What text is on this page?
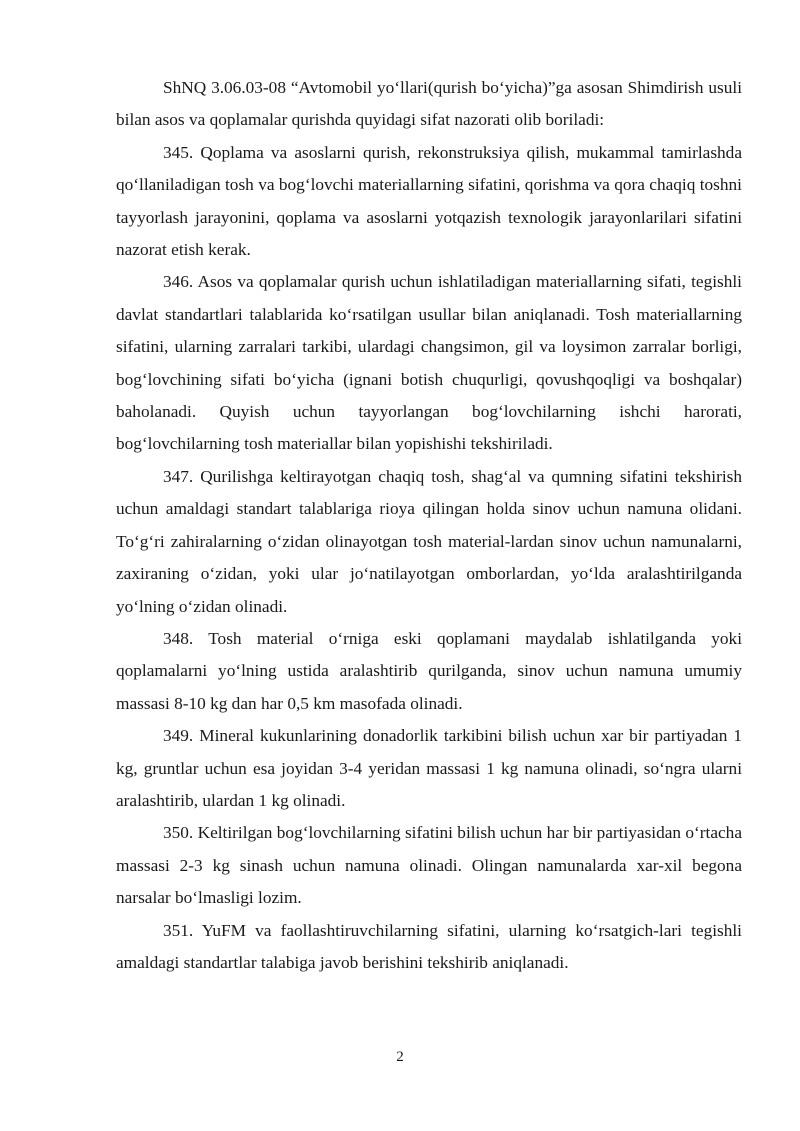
ShNQ 3.06.03-08 “Avtomobil yo‘llari(qurish bo‘yicha)”ga asosan Shimdirish usuli bilan asos va qoplamalar qurishda quyidagi sifat nazorati olib boriladi:

345. Qoplama va asoslarni qurish, rekonstruksiya qilish, mukammal tamirlashda qo‘llaniladigan tosh va bog‘lovchi materiallarning sifatini, qorishma va qora chaqiq toshni tayyorlash jarayonini, qoplama va asoslarni yotqazish texnologik jarayonlarilari sifatini nazorat etish kerak.

346. Asos va qoplamalar qurish uchun ishlatiladigan materiallarning sifati, tegishli davlat standartlari talablarida ko‘rsatilgan usullar bilan aniqlanadi. Tosh materiallarning sifatini, ularning zarralari tarkibi, ulardagi changsimon, gil va loysimon zarralar borligi, bog‘lovchining sifati bo‘yicha (ignani botish chuqurligi, qovushqoqligi va boshqalar) baholanadi. Quyish uchun tayyorlangan bog‘lovchilarning ishchi harorati, bog‘lovchilarning tosh materiallar bilan yopishishi tekshiriladi.

347. Qurilishga keltirayotgan chaqiq tosh, shag‘al va qumning sifatini tekshirish uchun amaldagi standart talablariga rioya qilingan holda sinov uchun namuna olidani. To‘g‘ri zahiralarning o‘zidan olinayotgan tosh material-lardan sinov uchun namunalarni, zaxiraning o‘zidan, yoki ular jo‘natilayotgan omborlardan, yo‘lda aralashtirilganda yo‘lning o‘zidan olinadi.

348. Tosh material o‘rniga eski qoplamani maydalab ishlatilganda yoki qoplamalarni yo‘lning ustida aralashtirib qurilganda, sinov uchun namuna umumiy massasi 8-10 kg dan har 0,5 km masofada olinadi.

349. Mineral kukunlarining donadorlik tarkibini bilish uchun xar bir partiyadan 1 kg, gruntlar uchun esa joyidan 3-4 yeridan massasi 1 kg namuna olinadi, so‘ngra ularni aralashtirib, ulardan 1 kg olinadi.

350. Keltirilgan bog‘lovchilarning sifatini bilish uchun har bir partiyasidan o‘rtacha massasi 2-3 kg sinash uchun namuna olinadi. Olingan namunalarda xar-xil begona narsalar bo‘lmasligi lozim.

351. YuFM va faollashtiruvchilarning sifatini, ularning ko‘rsatgich-lari tegishli amaldagi standartlar talabiga javob berishini tekshirib aniqlanadi.

2
